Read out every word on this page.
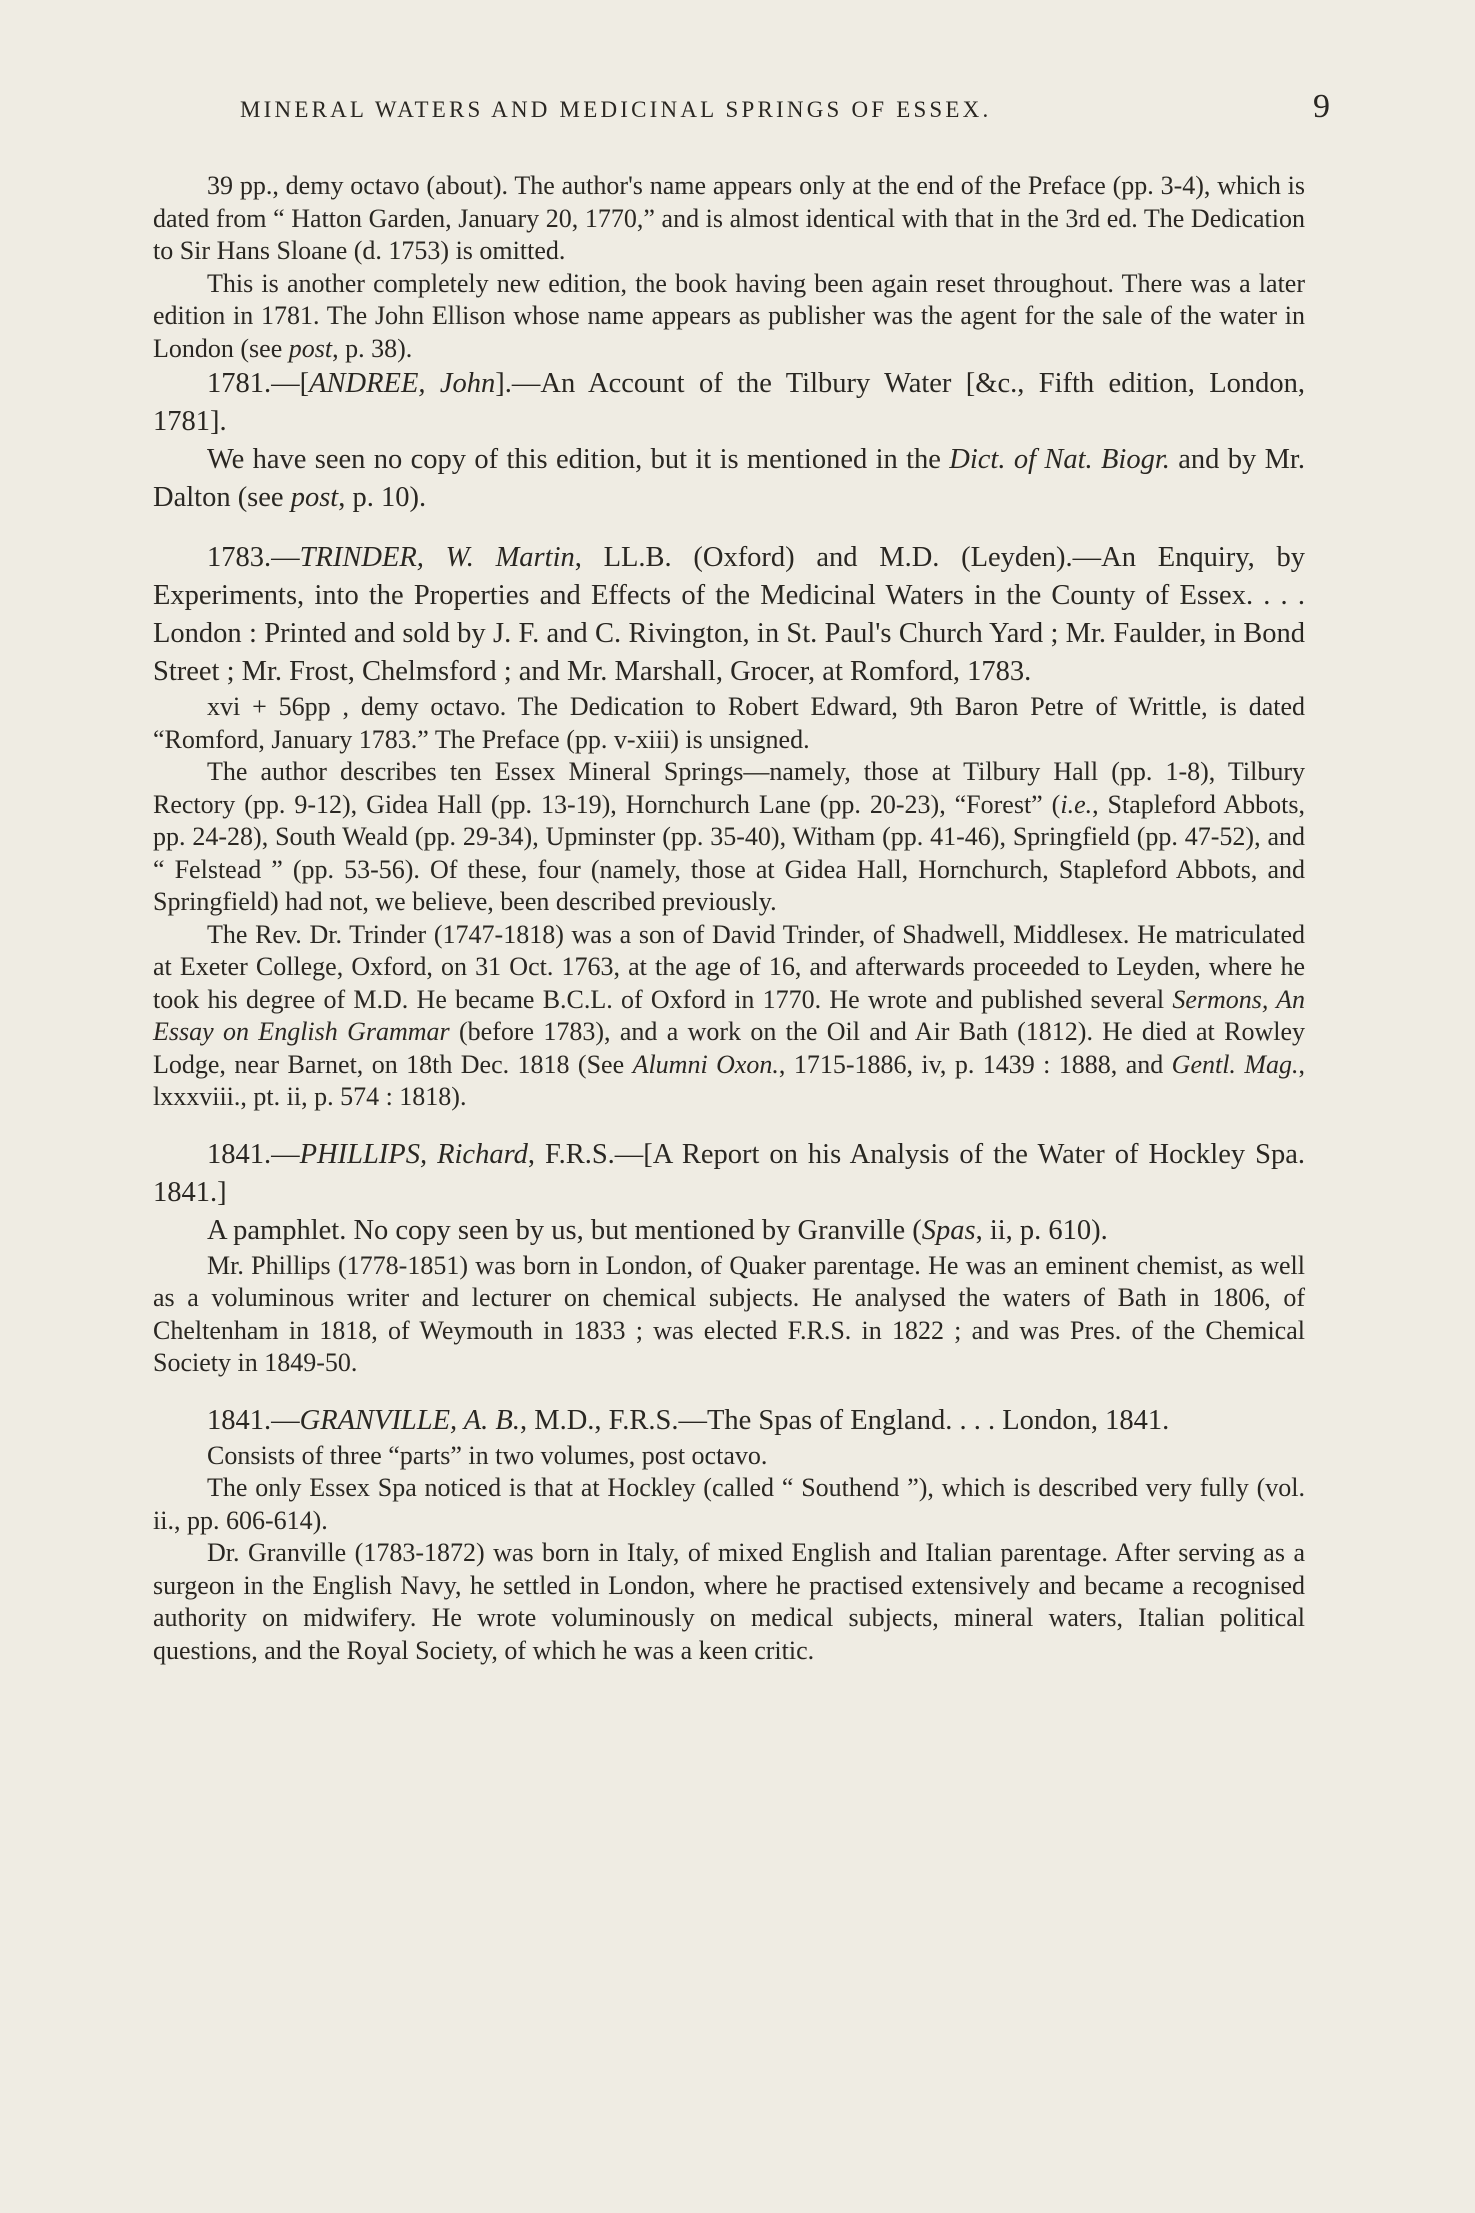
MINERAL WATERS AND MEDICINAL SPRINGS OF ESSEX.	9

39 pp., demy octavo (about). The author's name appears only at the end of the Preface (pp. 3-4), which is dated from “ Hatton Garden, January 20, 1770,” and is almost identical with that in the 3rd ed. The Dedication to Sir Hans Sloane (d. 1753) is omitted.

This is another completely new edition, the book having been again reset throughout. There was a later edition in 1781. The John Ellison whose name appears as publisher was the agent for the sale of the water in London (see post, p. 38).

1781.—[ANDREE, John].—An Account of the Tilbury Water [&c., Fifth edition, London, 1781].

We have seen no copy of this edition, but it is mentioned in the Dict. of Nat. Biogr. and by Mr. Dalton (see post, p. 10).

1783.—TRINDER, W. Martin, LL.B. (Oxford) and M.D. (Leyden).—An Enquiry, by Experiments, into the Properties and Effects of the Medicinal Waters in the County of Essex. . . . London : Printed and sold by J. F. and C. Rivington, in St. Paul's Church Yard ; Mr. Faulder, in Bond Street ; Mr. Frost, Chelmsford ; and Mr. Marshall, Grocer, at Romford, 1783.

xvi + 56pp , demy octavo. The Dedication to Robert Edward, 9th Baron Petre of Writtle, is dated “Romford, January 1783.” The Preface (pp. v-xiii) is unsigned.

The author describes ten Essex Mineral Springs—namely, those at Tilbury Hall (pp. 1-8), Tilbury Rectory (pp. 9-12), Gidea Hall (pp. 13-19), Hornchurch Lane (pp. 20-23), “Forest” (i.e., Stapleford Abbots, pp. 24-28), South Weald (pp. 29-34), Upminster (pp. 35-40), Witham (pp. 41-46), Springfield (pp. 47-52), and “ Felstead ” (pp. 53-56). Of these, four (namely, those at Gidea Hall, Hornchurch, Stapleford Abbots, and Springfield) had not, we believe, been described previously.

The Rev. Dr. Trinder (1747-1818) was a son of David Trinder, of Shadwell, Middlesex. He matriculated at Exeter College, Oxford, on 31 Oct. 1763, at the age of 16, and afterwards proceeded to Leyden, where he took his degree of M.D. He became B.C.L. of Oxford in 1770. He wrote and published several Sermons, An Essay on English Grammar (before 1783), and a work on the Oil and Air Bath (1812). He died at Rowley Lodge, near Barnet, on 18th Dec. 1818 (See Alumni Oxon., 1715-1886, iv, p. 1439 : 1888, and Gentl. Mag., lxxxviii., pt. ii, p. 574 : 1818).

1841.—PHILLIPS, Richard, F.R.S.—[A Report on his Analysis of the Water of Hockley Spa. 1841.]

A pamphlet. No copy seen by us, but mentioned by Granville (Spas, ii, p. 610).

Mr. Phillips (1778-1851) was born in London, of Quaker parentage. He was an eminent chemist, as well as a voluminous writer and lecturer on chemical subjects. He analysed the waters of Bath in 1806, of Cheltenham in 1818, of Weymouth in 1833 ; was elected F.R.S. in 1822 ; and was Pres. of the Chemical Society in 1849-50.

1841.—GRANVILLE, A. B., M.D., F.R.S.—The Spas of England. . . . London, 1841.

Consists of three “parts” in two volumes, post octavo.

The only Essex Spa noticed is that at Hockley (called “ Southend ”), which is described very fully (vol. ii., pp. 606-614).

Dr. Granville (1783-1872) was born in Italy, of mixed English and Italian parentage. After serving as a surgeon in the English Navy, he settled in London, where he practised extensively and became a recognised authority on midwifery. He wrote voluminously on medical subjects, mineral waters, Italian political questions, and the Royal Society, of which he was a keen critic.
